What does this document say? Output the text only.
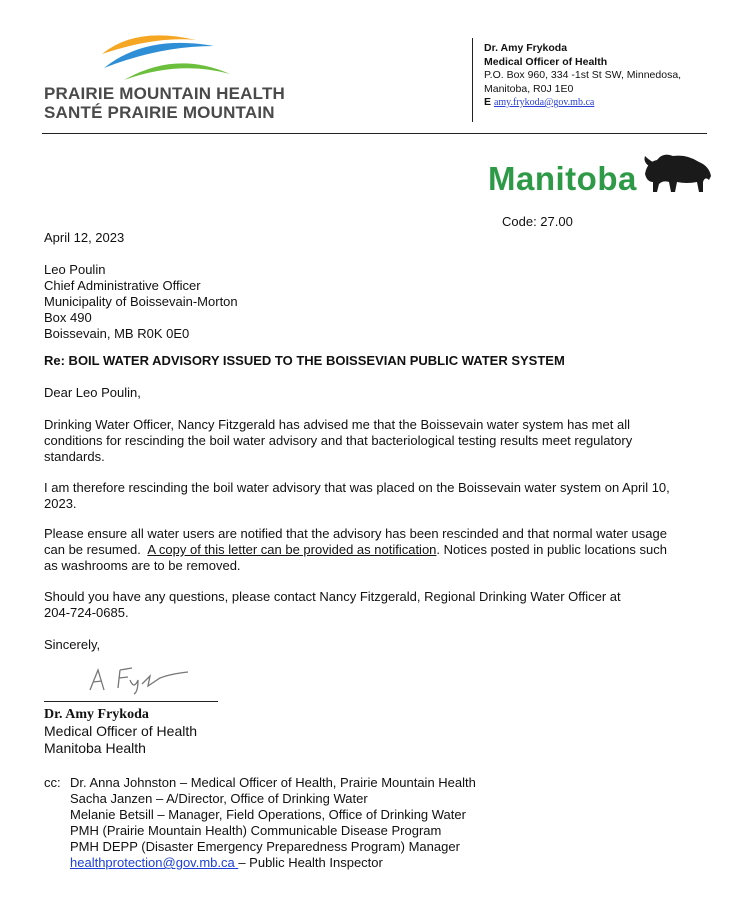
PRAIRIE MOUNTAIN HEALTH
SANTÉ PRAIRIE MOUNTAIN
Dr. Amy Frykoda
Medical Officer of Health
P.O. Box 960, 334 -1st St SW, Minnedosa,
Manitoba, R0J 1E0
E amy.frykoda@gov.mb.ca
Manitoba
Code: 27.00
April 12, 2023
Leo Poulin
Chief Administrative Officer
Municipality of Boissevain-Morton
Box 490
Boissevain, MB R0K 0E0
Re: BOIL WATER ADVISORY ISSUED TO THE BOISSEVIAN PUBLIC WATER SYSTEM
Dear Leo Poulin,
Drinking Water Officer, Nancy Fitzgerald has advised me that the Boissevain water system has met all
conditions for rescinding the boil water advisory and that bacteriological testing results meet regulatory
standards.
I am therefore rescinding the boil water advisory that was placed on the Boissevain water system on April 10,
2023.
Please ensure all water users are notified that the advisory has been rescinded and that normal water usage
can be resumed.  A copy of this letter can be provided as notification. Notices posted in public locations such
as washrooms are to be removed.
Should you have any questions, please contact Nancy Fitzgerald, Regional Drinking Water Officer at
204-724-0685.
Sincerely,
Dr. Amy Frykoda
Medical Officer of Health
Manitoba Health
cc: Dr. Anna Johnston – Medical Officer of Health, Prairie Mountain Health
Sacha Janzen – A/Director, Office of Drinking Water
Melanie Betsill – Manager, Field Operations, Office of Drinking Water
PMH (Prairie Mountain Health) Communicable Disease Program
PMH DEPP (Disaster Emergency Preparedness Program) Manager
healthprotection@gov.mb.ca – Public Health Inspector
